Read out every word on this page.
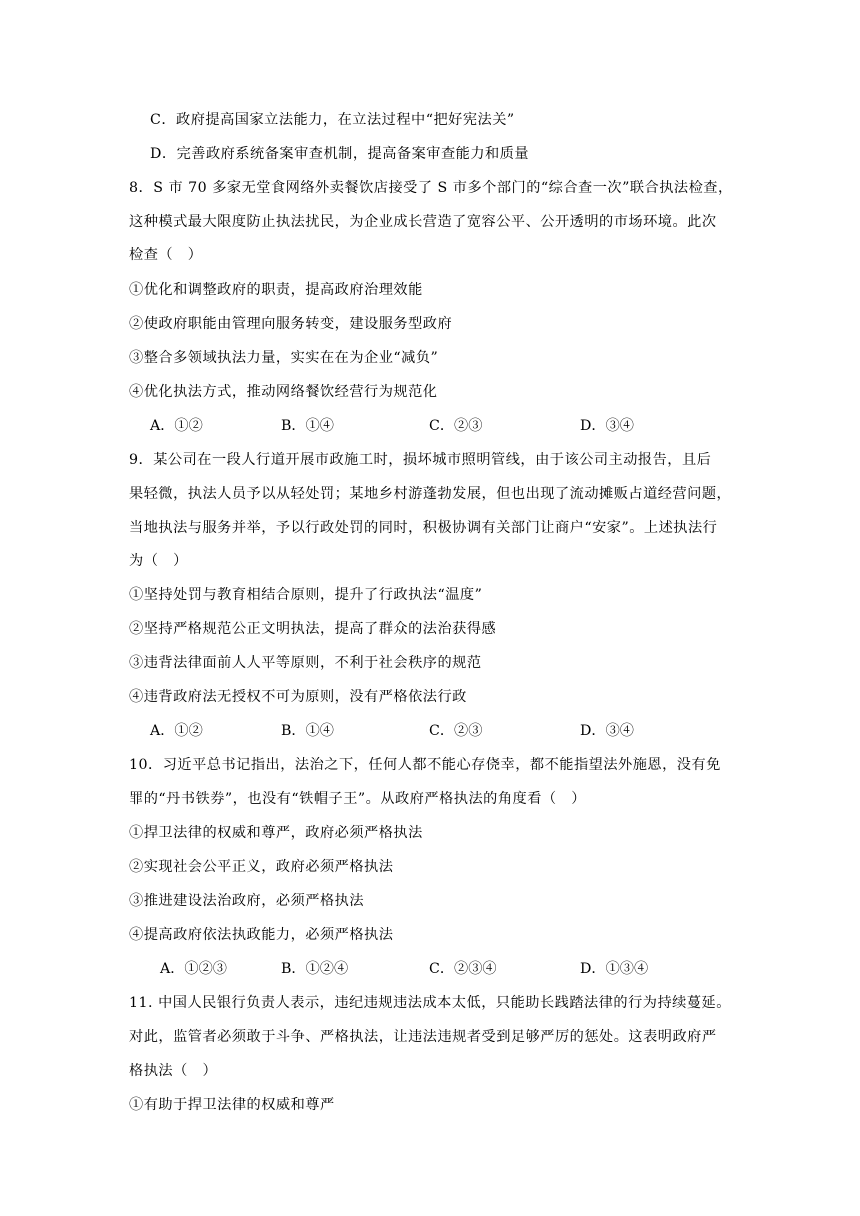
C．政府提高国家立法能力，在立法过程中“把好宪法关”
D．完善政府系统备案审查机制，提高备案审查能力和质量
8．S 市 70 多家无堂食网络外卖餐饮店接受了 S 市多个部门的“综合查一次”联合执法检查，
这种模式最大限度防止执法扰民，为企业成长营造了宽容公平、公开透明的市场环境。此次
检查（　）
①优化和调整政府的职责，提高政府治理效能
②使政府职能由管理向服务转变，建设服务型政府
③整合多领域执法力量，实实在在为企业“减负”
④优化执法方式，推动网络餐饮经营行为规范化
A．①②	B．①④	C．②③	D．③④
9．某公司在一段人行道开展市政施工时，损坏城市照明管线，由于该公司主动报告，且后
果轻微，执法人员予以从轻处罚；某地乡村游蓬勃发展，但也出现了流动摊贩占道经营问题，
当地执法与服务并举，予以行政处罚的同时，积极协调有关部门让商户“安家”。上述执法行
为（　）
①坚持处罚与教育相结合原则，提升了行政执法“温度”
②坚持严格规范公正文明执法，提高了群众的法治获得感
③违背法律面前人人平等原则，不利于社会秩序的规范
④违背政府法无授权不可为原则，没有严格依法行政
A．①②	B．①④	C．②③	D．③④
10．习近平总书记指出，法治之下，任何人都不能心存侥幸，都不能指望法外施恩，没有免
罪的“丹书铁券”，也没有“铁帽子王”。从政府严格执法的角度看（　）
①捍卫法律的权威和尊严，政府必须严格执法
②实现社会公平正义，政府必须严格执法
③推进建设法治政府，必须严格执法
④提高政府依法执政能力，必须严格执法
A．①②③	B．①②④	C．②③④	D．①③④
11. 中国人民银行负责人表示，违纪违规违法成本太低，只能助长践踏法律的行为持续蔓延。
对此，监管者必须敢于斗争、严格执法，让违法违规者受到足够严厉的惩处。这表明政府严
格执法（　）
①有助于捍卫法律的权威和尊严
